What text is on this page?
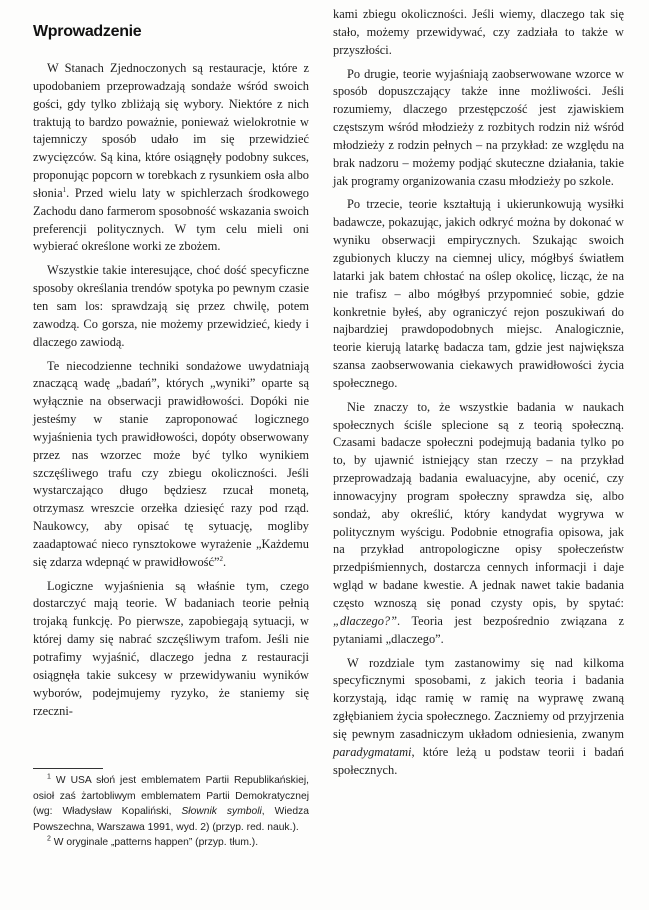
Wprowadzenie

W Stanach Zjednoczonych są restauracje, które z upodobaniem przeprowadzają sondaże wśród swoich gości, gdy tylko zbliżają się wybory. Niektóre z nich traktują to bardzo poważnie, ponieważ wielokrotnie w tajemniczy sposób udało im się przewidzieć zwycięzców. Są kina, które osiągnęły podobny sukces, proponując popcorn w torebkach z rysunkiem osła albo słonia$^1$. Przed wielu laty w spichlerzach środkowego Zachodu dano farmerom sposobność wskazania swoich preferencji politycznych. W tym celu mieli oni wybierać określone worki ze zbożem.

Wszystkie takie interesujące, choć dość specyficzne sposoby określania trendów spotyka po pewnym czasie ten sam los: sprawdzają się przez chwilę, potem zawodzą. Co gorsza, nie możemy przewidzieć, kiedy i dlaczego zawiodą.

Te niecodzienne techniki sondażowe uwydatniają znaczącą wadę „badań”, których „wyniki” oparte są wyłącznie na obserwacji prawidłowości. Dopóki nie jesteśmy w stanie zaproponować logicznego wyjaśnienia tych prawidłowości, dopóty obserwowany przez nas wzorzec może być tylko wynikiem szczęśliwego trafu czy zbiegu okoliczności. Jeśli wystarczająco długo będziesz rzucał monetą, otrzymasz wreszcie orzełka dziesięć razy pod rząd. Naukowcy, aby opisać tę sytuację, mogliby zaadaptować nieco rynsztokowe wyrażenie „Każdemu się zdarza wdepnąć w prawidłowość”$^2$.

Logiczne wyjaśnienia są właśnie tym, czego dostarczyć mają teorie. W badaniach teorie pełnią trojaką funkcję. Po pierwsze, zapobiegają sytuacji, w której damy się nabrać szczęśliwym trafom. Jeśli nie potrafimy wyjaśnić, dlaczego jedna z restauracji osiągnęła takie sukcesy w przewidywaniu wyników wyborów, podejmujemy ryzyko, że staniemy się rzeczni-

$^1$ W USA słoń jest emblematem Partii Republikańskiej, osioł zaś żartobliwym emblematem Partii Demokratycznej (wg: Władysław Kopaliński, Słownik symboli, Wiedza Powszechna, Warszawa 1991, wyd. 2) (przyp. red. nauk.).

$^2$ W oryginale „patterns happen” (przyp. tłum.).

kami zbiegu okoliczności. Jeśli wiemy, dlaczego tak się stało, możemy przewidywać, czy zadziała to także w przyszłości.

Po drugie, teorie wyjaśniają zaobserwowane wzorce w sposób dopuszczający także inne możliwości. Jeśli rozumiemy, dlaczego przestępczość jest zjawiskiem częstszym wśród młodzieży z rozbitych rodzin niż wśród młodzieży z rodzin pełnych – na przykład: ze względu na brak nadzoru – możemy podjąć skuteczne działania, takie jak programy organizowania czasu młodzieży po szkole.

Po trzecie, teorie kształtują i ukierunkowują wysiłki badawcze, pokazując, jakich odkryć można by dokonać w wyniku obserwacji empirycznych. Szukając swoich zgubionych kluczy na ciemnej ulicy, mógłbyś światłem latarki jak batem chłostać na oślep okolicę, licząc, że na nie trafisz – albo mógłbyś przypomnieć sobie, gdzie konkretnie byłeś, aby ograniczyć rejon poszukiwań do najbardziej prawdopodobnych miejsc. Analogicznie, teorie kierują latarkę badacza tam, gdzie jest największa szansa zaobserwowania ciekawych prawidłowości życia społecznego.

Nie znaczy to, że wszystkie badania w naukach społecznych ściśle splecione są z teorią społeczną. Czasami badacze społeczni podejmują badania tylko po to, by ujawnić istniejący stan rzeczy – na przykład przeprowadzają badania ewaluacyjne, aby ocenić, czy innowacyjny program społeczny sprawdza się, albo sondaż, aby określić, który kandydat wygrywa w politycznym wyścigu. Podobnie etnografia opisowa, jak na przykład antropologiczne opisy społeczeństw przedpiśmiennych, dostarcza cennych informacji i daje wgląd w badane kwestie. A jednak nawet takie badania często wznoszą się ponad czysty opis, by spytać: „dlaczego?”. Teoria jest bezpośrednio związana z pytaniami „dlaczego”.

W rozdziale tym zastanowimy się nad kilkoma specyficznymi sposobami, z jakich teoria i badania korzystają, idąc ramię w ramię na wyprawę zwaną zgłębianiem życia społecznego. Zaczniemy od przyjrzenia się pewnym zasadniczym układom odniesienia, zwanym paradygmatami, które leżą u podstaw teorii i badań społecznych.
